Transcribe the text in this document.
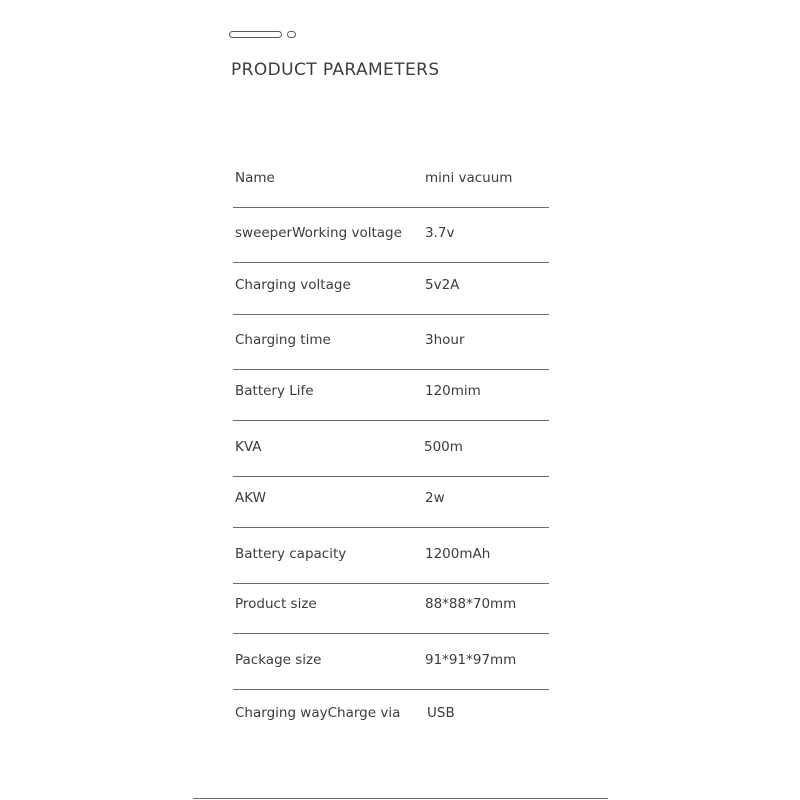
PRODUCT PARAMETERS
Name	mini vacuum
sweeperWorking voltage 3.7v
Charging voltage	5v2A
Charging time	3hour
Battery Life	120mim
KVA	500m
AKW	2w
Battery capacity	1200mAh
Product size	88*88*70mm
Package size	91*91*97mm
Charging wayCharge via USB
